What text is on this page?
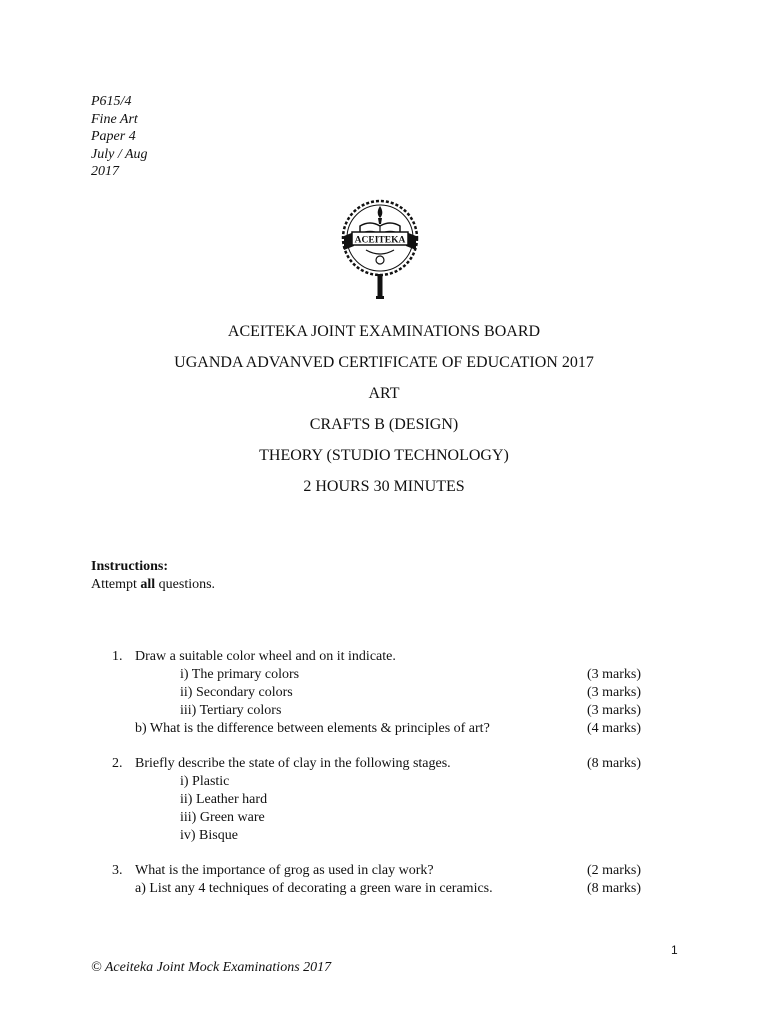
P615/4
Fine Art
Paper 4
July / Aug
2017
ACEITEKA
ACEITEKA JOINT EXAMINATIONS BOARD
UGANDA ADVANVED CERTIFICATE OF EDUCATION 2017
ART
CRAFTS B (DESIGN)
THEORY (STUDIO TECHNOLOGY)
2 HOURS 30 MINUTES
Instructions:
Attempt all questions.
1. Draw a suitable color wheel and on it indicate.
i) The primary colors	(3 marks)
ii) Secondary colors	(3 marks)
iii) Tertiary colors	(3 marks)
b) What is the difference between elements & principles of art?	(4 marks)
2. Briefly describe the state of clay in the following stages.	(8 marks)
i) Plastic
ii) Leather hard
iii) Green ware
iv) Bisque
3. What is the importance of grog as used in clay work?	(2 marks)
a) List any 4 techniques of decorating a green ware in ceramics.	(8 marks)
1
© Aceiteka Joint Mock Examinations 2017
